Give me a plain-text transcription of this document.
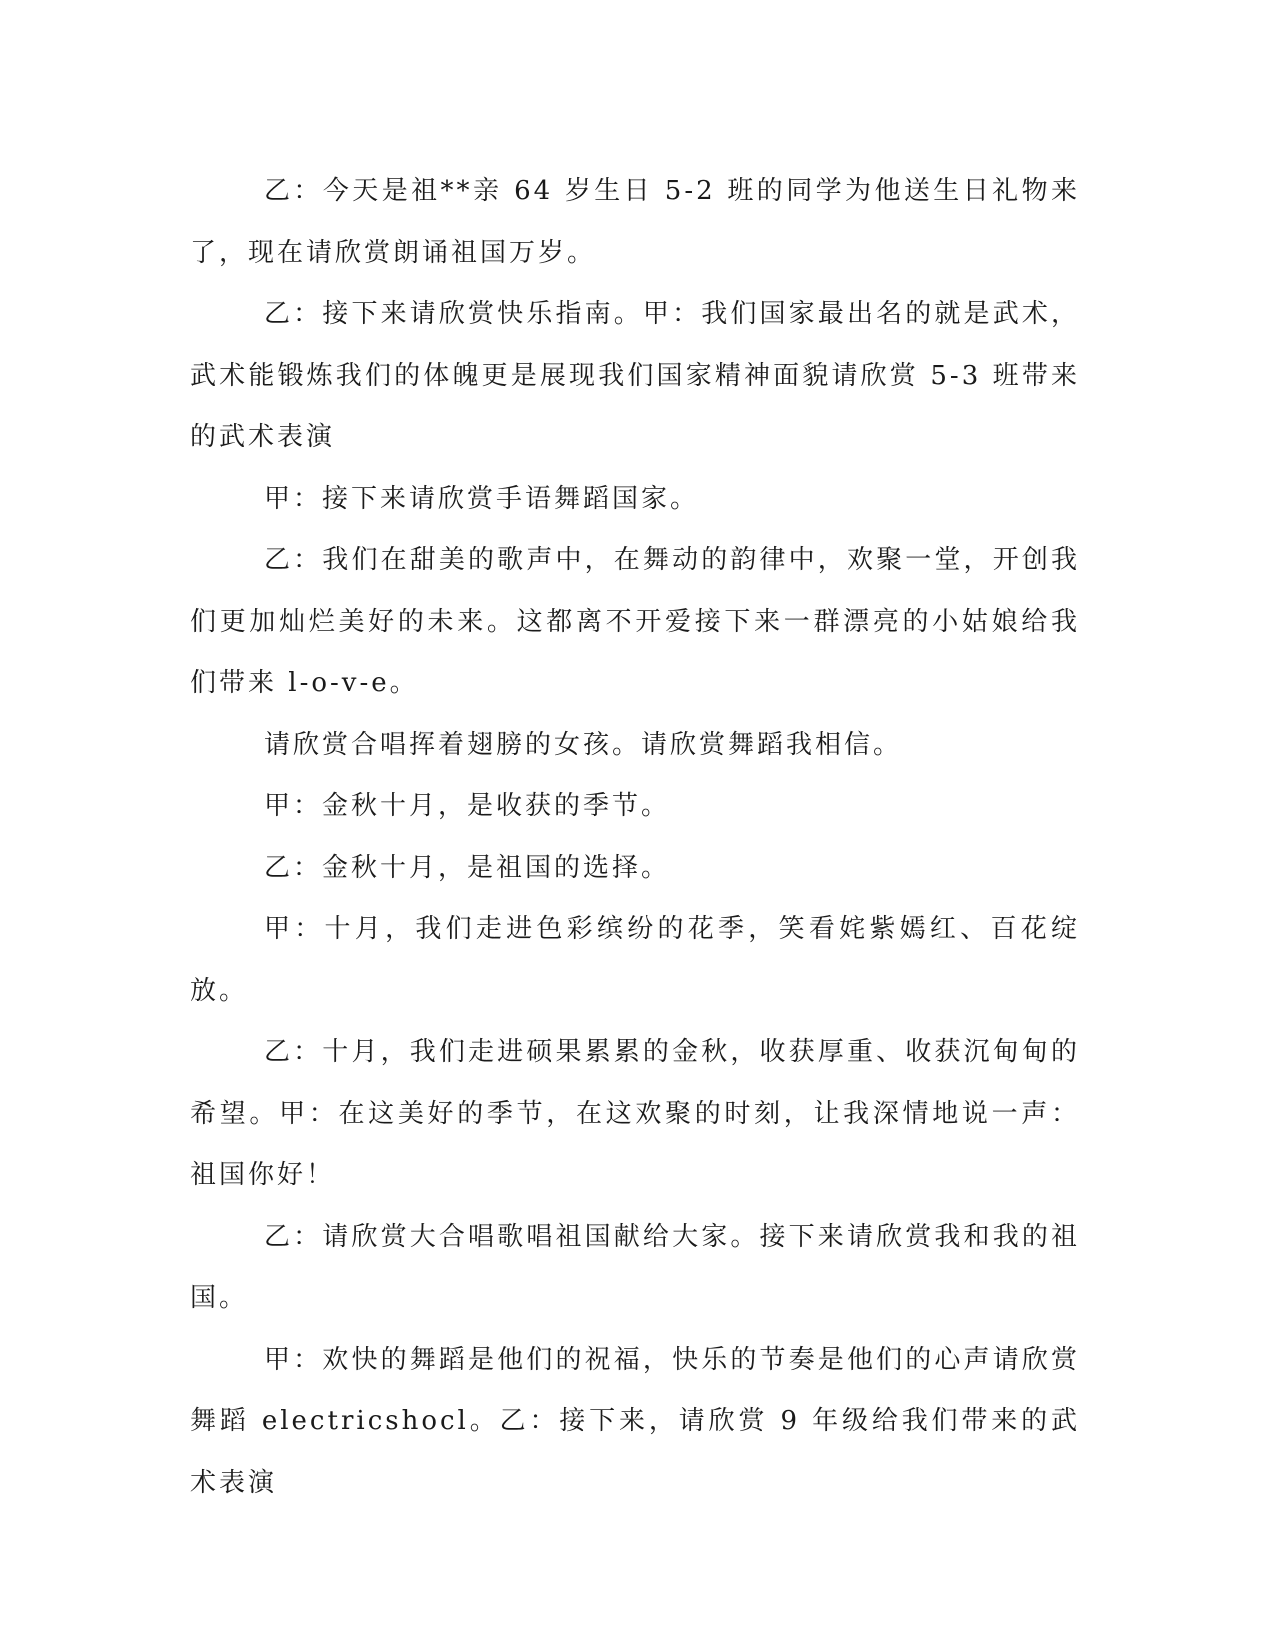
乙：今天是祖**亲 64 岁生日 5-2 班的同学为他送生日礼物来了，现在请欣赏朗诵祖国万岁。

乙：接下来请欣赏快乐指南。甲：我们国家最出名的就是武术，武术能锻炼我们的体魄更是展现我们国家精神面貌请欣赏 5-3 班带来的武术表演

甲：接下来请欣赏手语舞蹈国家。

乙：我们在甜美的歌声中，在舞动的韵律中，欢聚一堂，开创我们更加灿烂美好的未来。这都离不开爱接下来一群漂亮的小姑娘给我们带来 l-o-v-e。

请欣赏合唱挥着翅膀的女孩。请欣赏舞蹈我相信。

甲：金秋十月，是收获的季节。

乙：金秋十月，是祖国的选择。

甲：十月，我们走进色彩缤纷的花季，笑看姹紫嫣红、百花绽放。

乙：十月，我们走进硕果累累的金秋，收获厚重、收获沉甸甸的希望。甲：在这美好的季节，在这欢聚的时刻，让我深情地说一声：祖国你好！

乙：请欣赏大合唱歌唱祖国献给大家。接下来请欣赏我和我的祖国。

甲：欢快的舞蹈是他们的祝福，快乐的节奏是他们的心声请欣赏舞蹈 electricshocl。乙：接下来，请欣赏 9 年级给我们带来的武术表演
